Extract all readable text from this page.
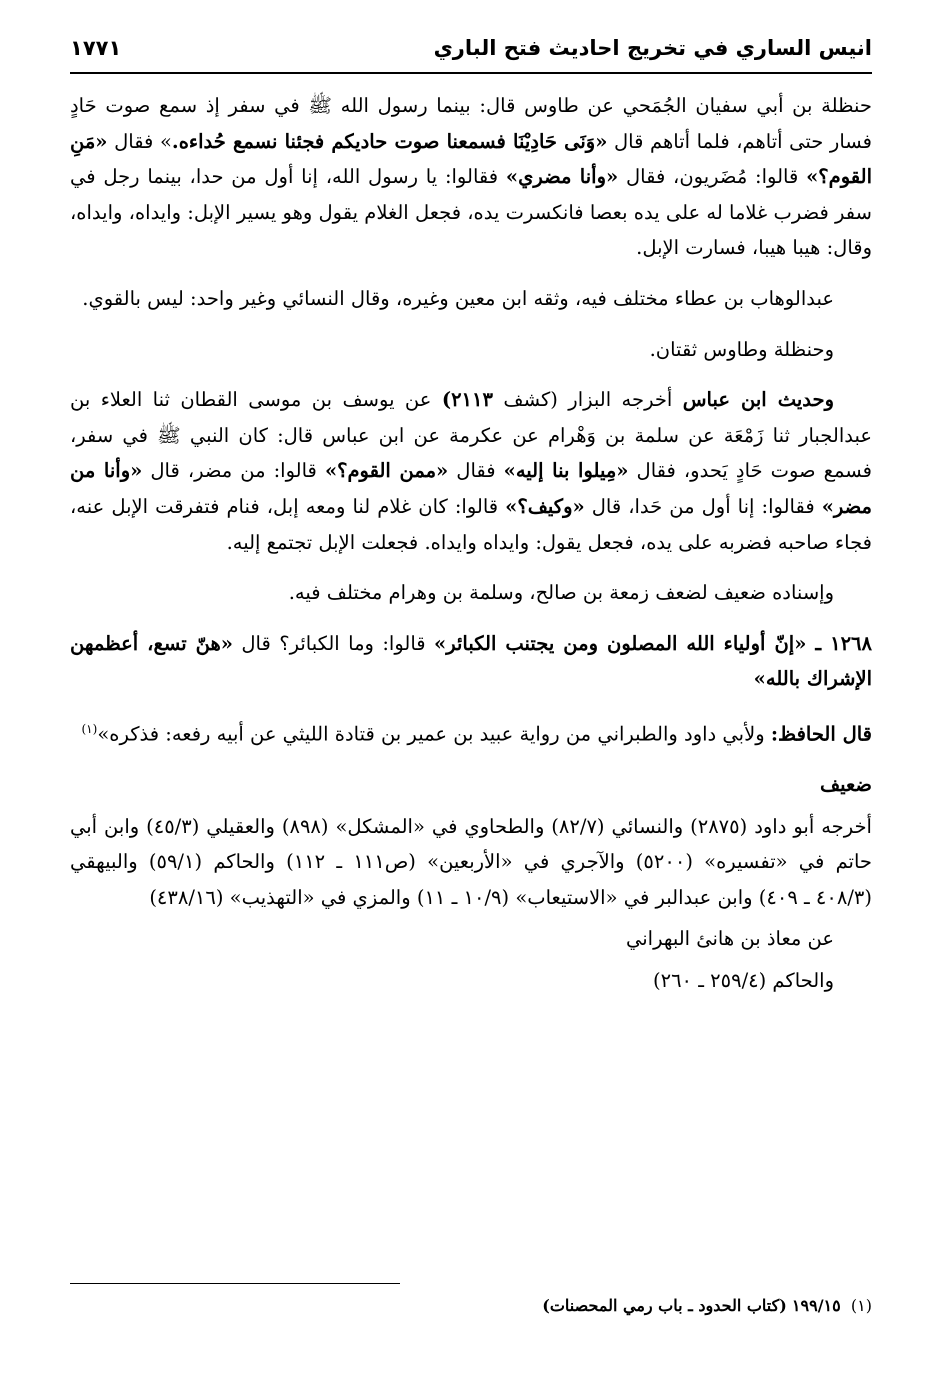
انيس الساري في تخريج احاديث فتح الباري
١٧٧١

حنظلة بن أبي سفيان الجُمَحي عن طاوس قال: بينما رسول الله ﷺ في سفر إذ سمع صوت حَادٍ فسار حتى أتاهم، فلما أتاهم قال «وَنَى حَادِيْنَا فسمعنا صوت حاديكم فجئنا نسمع حُداءه.» فقال «مَنِ القوم؟» قالوا: مُضَريون، فقال «وأنا مضري» فقالوا: يا رسول الله، إنا أول من حدا، بينما رجل في سفر فضرب غلاما له على يده بعصا فانكسرت يده، فجعل الغلام يقول وهو يسير الإبل: وايداه، وايداه، وقال: هيبا هيبا، فسارت الإبل.

عبدالوهاب بن عطاء مختلف فيه، وثقه ابن معين وغيره، وقال النسائي وغير واحد: ليس بالقوي.

وحنظلة وطاوس ثقتان.

وحديث ابن عباس أخرجه البزار (كشف ٢١١٣) عن يوسف بن موسى القطان ثنا العلاء بن عبدالجبار ثنا زَمْعَة عن سلمة بن وَهْرام عن عكرمة عن ابن عباس قال: كان النبي ﷺ في سفر، فسمع صوت حَادٍ يَحدو، فقال «مِيلوا بنا إليه» فقال «ممن القوم؟» قالوا: من مضر، قال «وأنا من مضر» فقالوا: إنا أول من حَدا، قال «وكيف؟» قالوا: كان غلام لنا ومعه إبل، فنام فتفرقت الإبل عنه، فجاء صاحبه فضربه على يده، فجعل يقول: وايداه وايداه. فجعلت الإبل تجتمع إليه.

وإسناده ضعيف لضعف زمعة بن صالح، وسلمة بن وهرام مختلف فيه.

١٢٦٨ ـ «إنّ أولياء الله المصلون ومن يجتنب الكبائر» قالوا: وما الكبائر؟ قال «هنّ تسع، أعظمهن الإشراك بالله»

قال الحافظ: ولأبي داود والطبراني من رواية عبيد بن عمير بن قتادة الليثي عن أبيه رفعه: فذكره»$^{(١)}$

ضعيف

أخرجه أبو داود (٢٨٧٥) والنسائي (٨٢/٧) والطحاوي في «المشكل» (٨٩٨) والعقيلي (٤٥/٣) وابن أبي حاتم في «تفسيره» (٥٢٠٠) والآجري في «الأربعين» (ص١١١ ـ ١١٢) والحاكم (٥٩/١) والبيهقي (٤٠٨/٣ ـ ٤٠٩) وابن عبدالبر في «الاستيعاب» (١٠/٩ ـ ١١) والمزي في «التهذيب» (٤٣٨/١٦)

عن معاذ بن هانئ البهراني

والحاكم (٢٥٩/٤ ـ ٢٦٠)

(١)  ١٩٩/١٥ (كتاب الحدود ـ باب رمي المحصنات)
